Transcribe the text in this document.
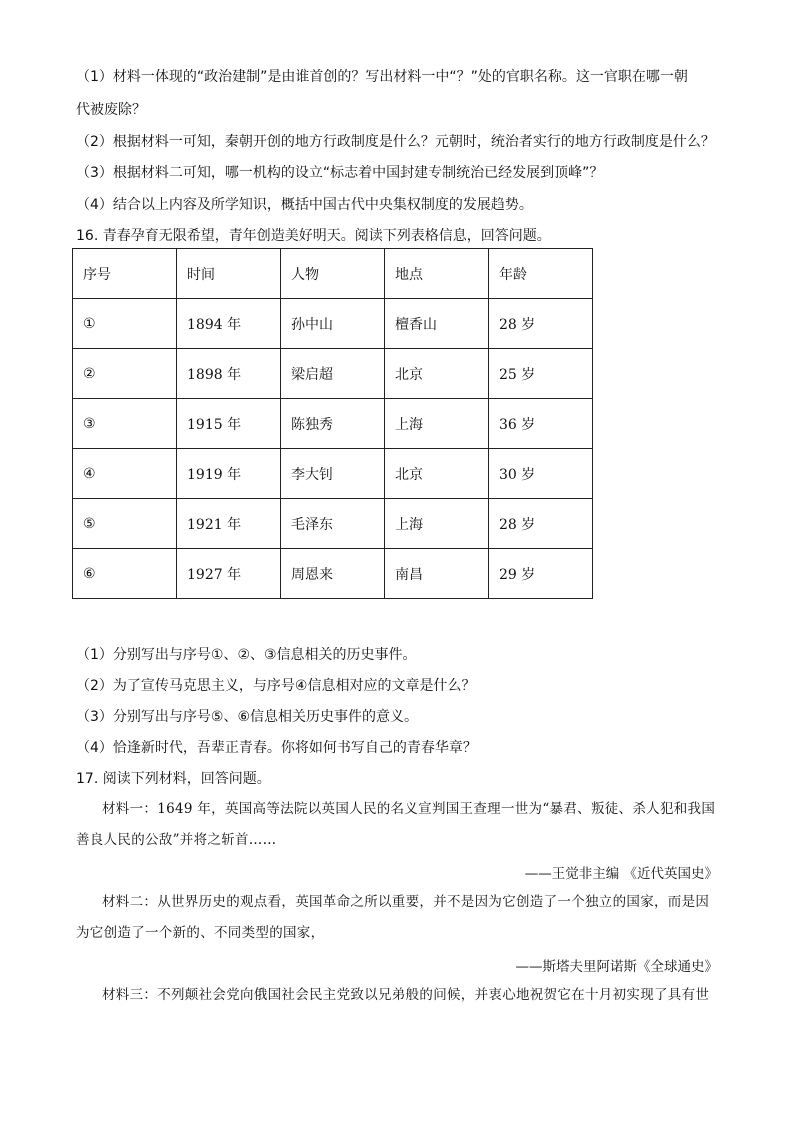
（1）材料一体现的“政治建制”是由谁首创的？写出材料一中“？”处的官职名称。这一官职在哪一朝
代被废除？
（2）根据材料一可知，秦朝开创的地方行政制度是什么？元朝时，统治者实行的地方行政制度是什么？
（3）根据材料二可知，哪一机构的设立“标志着中国封建专制统治已经发展到顶峰”？
（4）结合以上内容及所学知识，概括中国古代中央集权制度的发展趋势。
16. 青春孕育无限希望，青年创造美好明天。阅读下列表格信息，回答问题。
序号	时间	人物	地点	年龄
①	1894 年	孙中山	檀香山	28 岁
②	1898 年	梁启超	北京	25 岁
③	1915 年	陈独秀	上海	36 岁
④	1919 年	李大钊	北京	30 岁
⑤	1921 年	毛泽东	上海	28 岁
⑥	1927 年	周恩来	南昌	29 岁
（1）分别写出与序号①、②、③信息相关的历史事件。
（2）为了宣传马克思主义，与序号④信息相对应的文章是什么？
（3）分别写出与序号⑤、⑥信息相关历史事件的意义。
（4）恰逢新时代，吾辈正青春。你将如何书写自己的青春华章？
17. 阅读下列材料，回答问题。
材料一：1649 年，英国高等法院以英国人民的名义宣判国王查理一世为“暴君、叛徒、杀人犯和我国善良人民的公敌”并将之斩首……
——王觉非主编 《近代英国史》
材料二：从世界历史的观点看，英国革命之所以重要，并不是因为它创造了一个独立的国家，而是因为它创造了一个新的、不同类型的国家，
——斯塔夫里阿诺斯《全球通史》
材料三：不列颠社会党向俄国社会民主党致以兄弟般的问候，并衷心地祝贺它在十月初实现了具有世
